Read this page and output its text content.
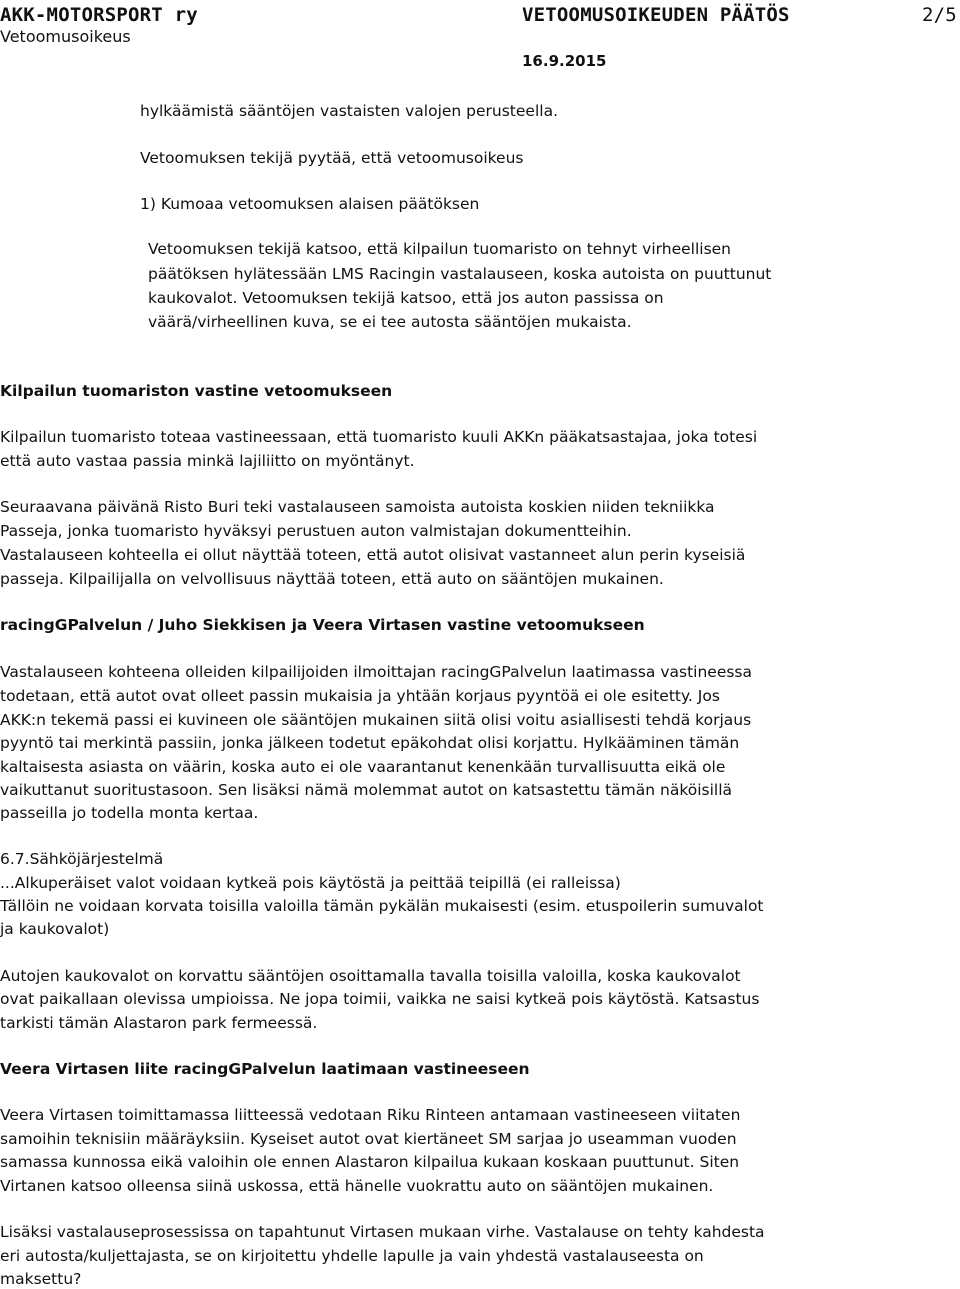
AKK-MOTORSPORT ry	VETOOMUSOIKEUDEN PÄÄTÖS	2/5
Vetoomusoikeus
16.9.2015
hylkäämistä sääntöjen vastaisten valojen perusteella.
Vetoomuksen tekijä pyytää, että vetoomusoikeus
1) Kumoaa vetoomuksen alaisen päätöksen
Vetoomuksen tekijä katsoo, että kilpailun tuomaristo on tehnyt virheellisen
päätöksen hylätessään LMS Racingin vastalauseen, koska autoista on puuttunut
kaukovalot. Vetoomuksen tekijä katsoo, että jos auton passissa on
väärä/virheellinen kuva, se ei tee autosta sääntöjen mukaista.
Kilpailun tuomariston vastine vetoomukseen
Kilpailun tuomaristo toteaa vastineessaan, että tuomaristo kuuli AKKn pääkatsastajaa, joka totesi
että auto vastaa passia minkä lajiliitto on myöntänyt.
Seuraavana päivänä Risto Buri teki vastalauseen samoista autoista koskien niiden tekniikka
Passeja, jonka tuomaristo hyväksyi perustuen auton valmistajan dokumentteihin.
Vastalauseen kohteella ei ollut näyttää toteen, että autot olisivat vastanneet alun perin kyseisiä
passeja. Kilpailijalla on velvollisuus näyttää toteen, että auto on sääntöjen mukainen.
racingGPalvelun / Juho Siekkisen ja Veera Virtasen vastine vetoomukseen
Vastalauseen kohteena olleiden kilpailijoiden ilmoittajan racingGPalvelun laatimassa vastineessa
todetaan, että autot ovat olleet passin mukaisia ja yhtään korjaus pyyntöä ei ole esitetty. Jos
AKK:n tekemä passi ei kuvineen ole sääntöjen mukainen siitä olisi voitu asiallisesti tehdä korjaus
pyyntö tai merkintä passiin, jonka jälkeen todetut epäkohdat olisi korjattu. Hylkääminen tämän
kaltaisesta asiasta on väärin, koska auto ei ole vaarantanut kenenkään turvallisuutta eikä ole
vaikuttanut suoritustasoon. Sen lisäksi nämä molemmat autot on katsastettu tämän näköisillä
passeilla jo todella monta kertaa.
6.7.Sähköjärjestelmä
...Alkuperäiset valot voidaan kytkeä pois käytöstä ja peittää teipillä (ei ralleissa)
Tällöin ne voidaan korvata toisilla valoilla tämän pykälän mukaisesti (esim. etuspoilerin sumuvalot
ja kaukovalot)
Autojen kaukovalot on korvattu sääntöjen osoittamalla tavalla toisilla valoilla, koska kaukovalot
ovat paikallaan olevissa umpioissa. Ne jopa toimii, vaikka ne saisi kytkeä pois käytöstä. Katsastus
tarkisti tämän Alastaron park fermeessä.
Veera Virtasen liite racingGPalvelun laatimaan vastineeseen
Veera Virtasen toimittamassa liitteessä vedotaan Riku Rinteen antamaan vastineeseen viitaten
samoihin teknisiin määräyksiin. Kyseiset autot ovat kiertäneet SM sarjaa jo useamman vuoden
samassa kunnossa eikä valoihin ole ennen Alastaron kilpailua kukaan koskaan puuttunut. Siten
Virtanen katsoo olleensa siinä uskossa, että hänelle vuokrattu auto on sääntöjen mukainen.
Lisäksi vastalauseprosessissa on tapahtunut Virtasen mukaan virhe. Vastalause on tehty kahdesta
eri autosta/kuljettajasta, se on kirjoitettu yhdelle lapulle ja vain yhdestä vastalauseesta on
maksettu?
